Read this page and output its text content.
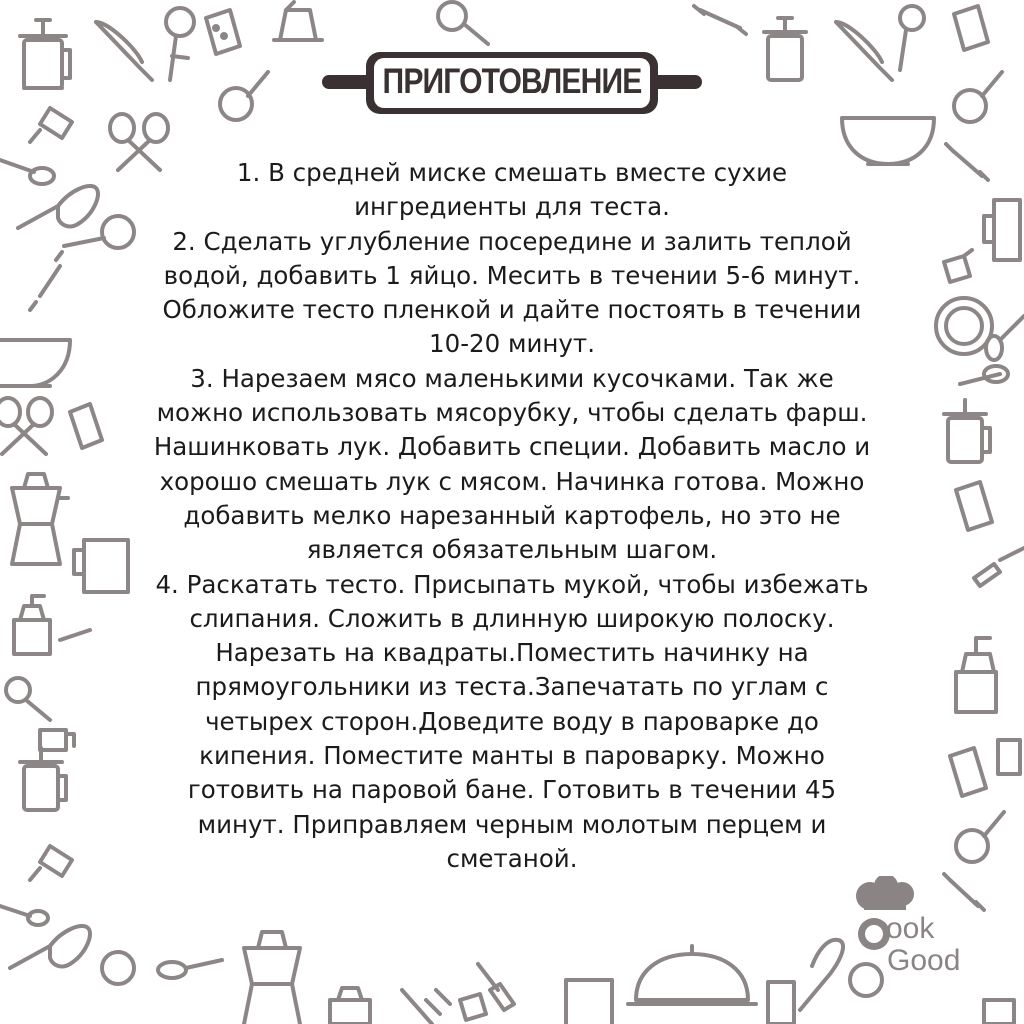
ПРИГОТОВЛЕНИЕ

1. В средней миске смешать вместе сухие ингредиенты для теста.

2. Сделать углубление посередине и залить теплой водой, добавить 1 яйцо. Месить в течении 5-6 минут. Обложите тесто пленкой и дайте постоять в течении 10-20 минут.

3. Нарезаем мясо маленькими кусочками. Так же можно использовать мясорубку, чтобы сделать фарш. Нашинковать лук. Добавить специи. Добавить масло и хорошо смешать лук с мясом. Начинка готова. Можно добавить мелко нарезанный картофель, но это не является обязательным шагом.

4. Раскатать тесто. Присыпать мукой, чтобы избежать слипания. Сложить в длинную широкую полоску. Нарезать на квадраты.Поместить начинку на прямоугольники из теста.Запечатать по углам с четырех сторон.Доведите воду в пароварке до кипения. Поместите манты в пароварку. Можно готовить на паровой бане. Готовить в течении 45 минут. Приправляем черным молотым перцем и сметаной.

ook
Good
